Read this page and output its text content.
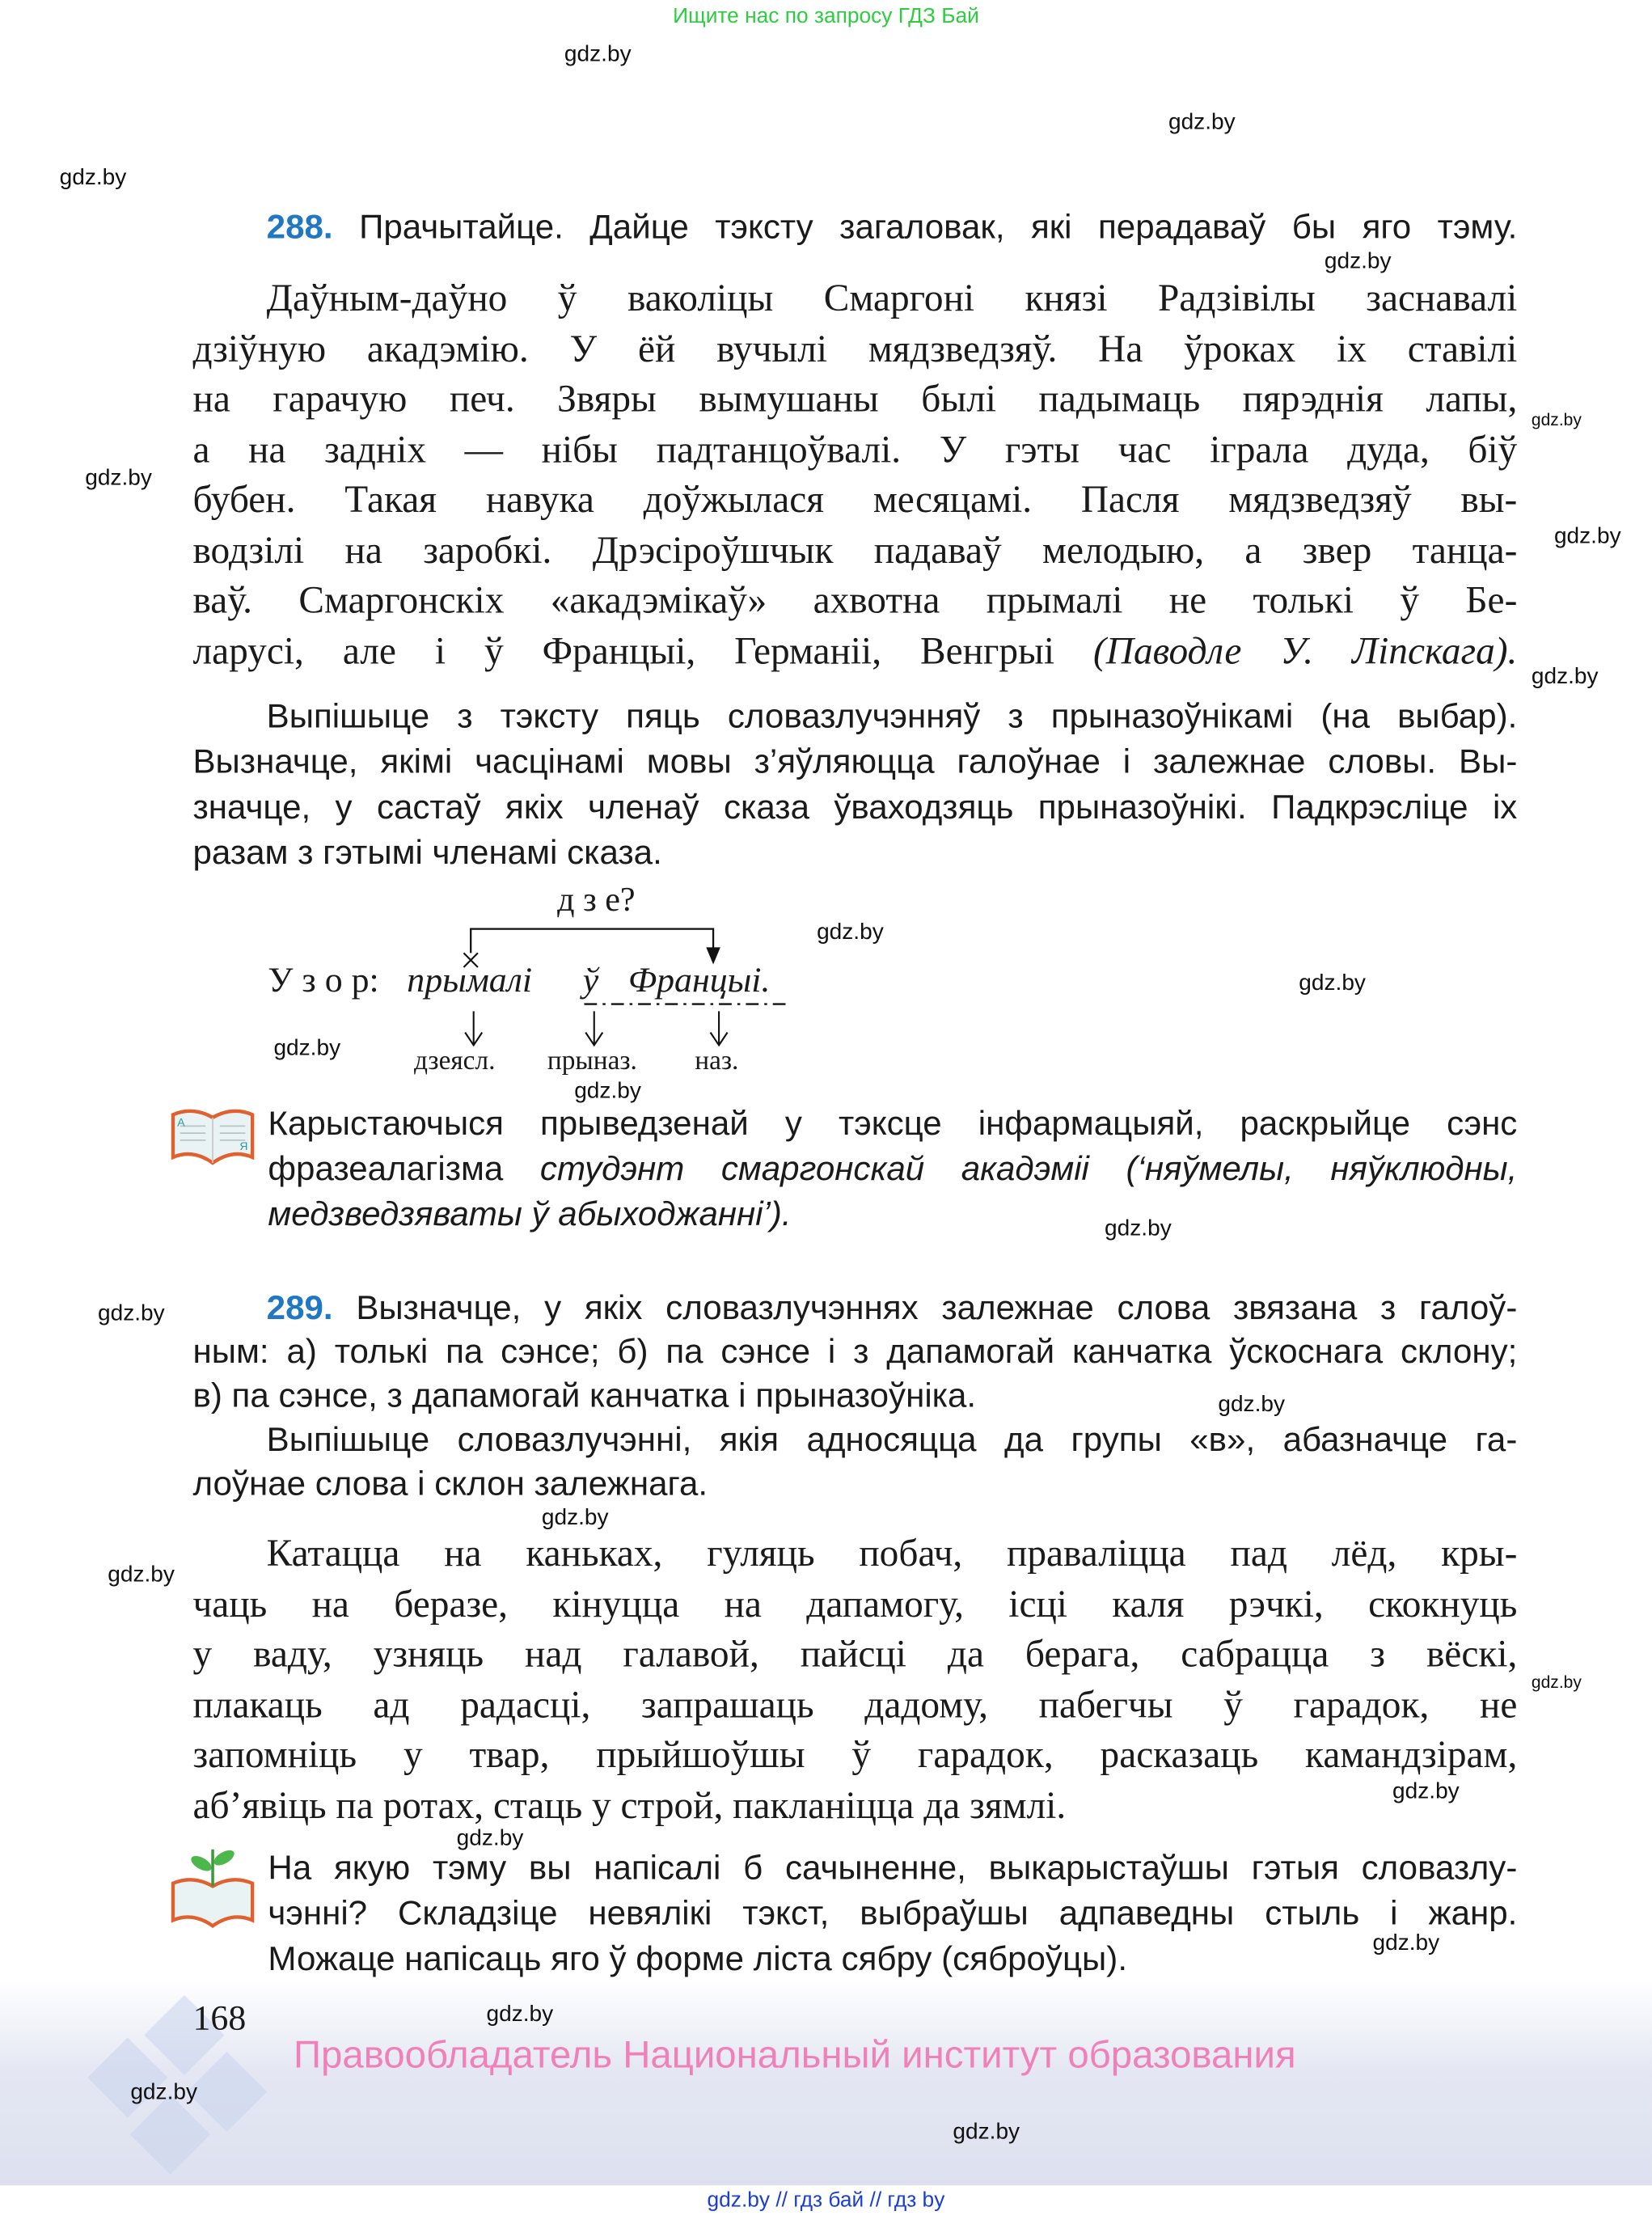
Ищите нас по запросу ГДЗ Бай
288. Прачытайце. Дайце тэксту загаловак, які перадаваў бы яго тэму.
Даўным-даўно ў ваколіцы Смаргоні князі Радзівілы заснавалі
дзіўную акадэмію. У ёй вучылі мядзведзяў. На ўроках іх ставілі
на гарачую печ. Звяры вымушаны былі падымаць пярэднія лапы,
а на задніх — нібы падтанцоўвалі. У гэты час іграла дуда, біў
бубен. Такая навука доўжылася месяцамі. Пасля мядзведзяў вы-
водзілі на заробкі. Дрэсіроўшчык падаваў мелодыю, а звер танца-
ваў. Смаргонскіх «акадэмікаў» ахвотна прымалі не толькі ў Бе-
ларусі, але і ў Францыі, Германіі, Венгрыі (Паводле У. Ліпскага).
Выпішыце з тэксту пяць словазлучэнняў з прыназоўнікамі (на выбар).
Вызначце, якімі часцінамі мовы з’яўляюцца галоўнае і залежнае словы. Вы-
значце, у састаў якіх членаў сказа ўваходзяць прыназоўнікі. Падкрэсліце іх
разам з гэтымі членамі сказа.
д з е?
У з о р: прымалі	ў Францыі.
дзеясл.	прыназ.	наз.
А
Я
Карыстаючыся прыведзенай у тэксце інфармацыяй, раскрыйце сэнс
фразеалагізма студэнт смаргонскай акадэміі (‘няўмелы, няўклюдны,
медзведзяваты ў абыходжанні’).
289. Вызначце, у якіх словазлучэннях залежнае слова звязана з галоў-
ным: а) толькі па сэнсе; б) па сэнсе і з дапамогай канчатка ўскоснага склону;
в) па сэнсе, з дапамогай канчатка і прыназоўніка.
Выпішыце словазлучэнні, якія адносяцца да групы «в», абазначце га-
лоўнае слова і склон залежнага.
Катацца на каньках, гуляць побач, праваліцца пад лёд, кры-
чаць на беразе, кінуцца на дапамогу, ісці каля рэчкі, скокнуць
у ваду, узняць над галавой, пайсці да берага, сабрацца з вёскі,
плакаць ад радасці, запрашаць дадому, пабегчы ў гарадок, не
запомніць у твар, прыйшоўшы ў гарадок, расказаць камандзірам,
аб’явіць па ротах, стаць у строй, пакланіцца да зямлі.
На якую тэму вы напісалі б сачыненне, выкарыстаўшы гэтыя словазлу-
чэнні? Складзіце невялікі тэкст, выбраўшы адпаведны стыль і жанр.
Можаце напісаць яго ў форме ліста сябру (сяброўцы).
168
Правообладатель Национальный институт образования
gdz.by // гдз бай // гдз by
gdz.by
gdz.by
gdz.by
gdz.by
gdz.by
gdz.by
gdz.by
gdz.by
gdz.by
gdz.by
gdz.by
gdz.by
gdz.by
gdz.by
gdz.by
gdz.by
gdz.by
gdz.by
gdz.by
gdz.by
gdz.by
gdz.by
gdz.by
gdz.by
